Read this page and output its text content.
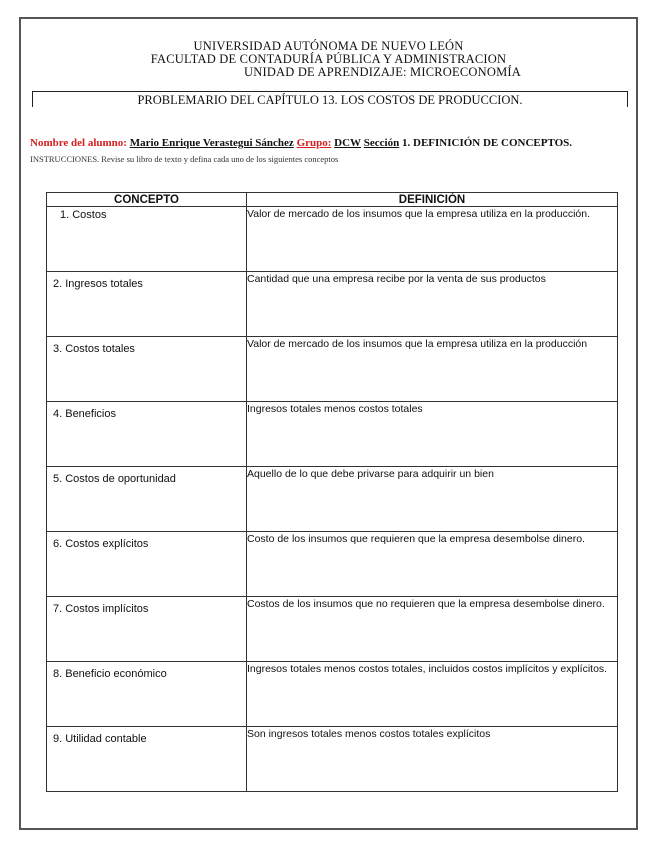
UNIVERSIDAD AUTÓNOMA DE NUEVO LEÓN
FACULTAD DE CONTADURÍA PÚBLICA Y ADMINISTRACION
UNIDAD DE APRENDIZAJE: MICROECONOMÍA
PROBLEMARIO DEL CAPÍTULO 13. LOS COSTOS DE PRODUCCION.
Nombre del alumno: Mario Enrique Verastegui Sánchez Grupo: DCW Sección 1. DEFINICIÓN DE CONCEPTOS.
INSTRUCCIONES. Revise su libro de texto y defina cada uno de los siguientes conceptos
CONCEPTO	DEFINICIÓN

1. Costos	Valor de mercado de los insumos que la empresa utiliza en la producción.

2. Ingresos totales	Cantidad que una empresa recibe por la venta de sus productos

3. Costos totales	Valor de mercado de los insumos que la empresa utiliza en la producción

4. Beneficios	Ingresos totales menos costos totales

5. Costos de oportunidad	Aquello de lo que debe privarse para adquirir un bien

6. Costos explícitos	Costo de los insumos que requieren que la empresa desembolse dinero.

7. Costos implícitos	Costos de los insumos que no requieren que la empresa desembolse dinero.

8. Beneficio económico	Ingresos totales menos costos totales, incluidos costos implícitos y explícitos.

9. Utilidad contable	Son ingresos totales menos costos totales explícitos
